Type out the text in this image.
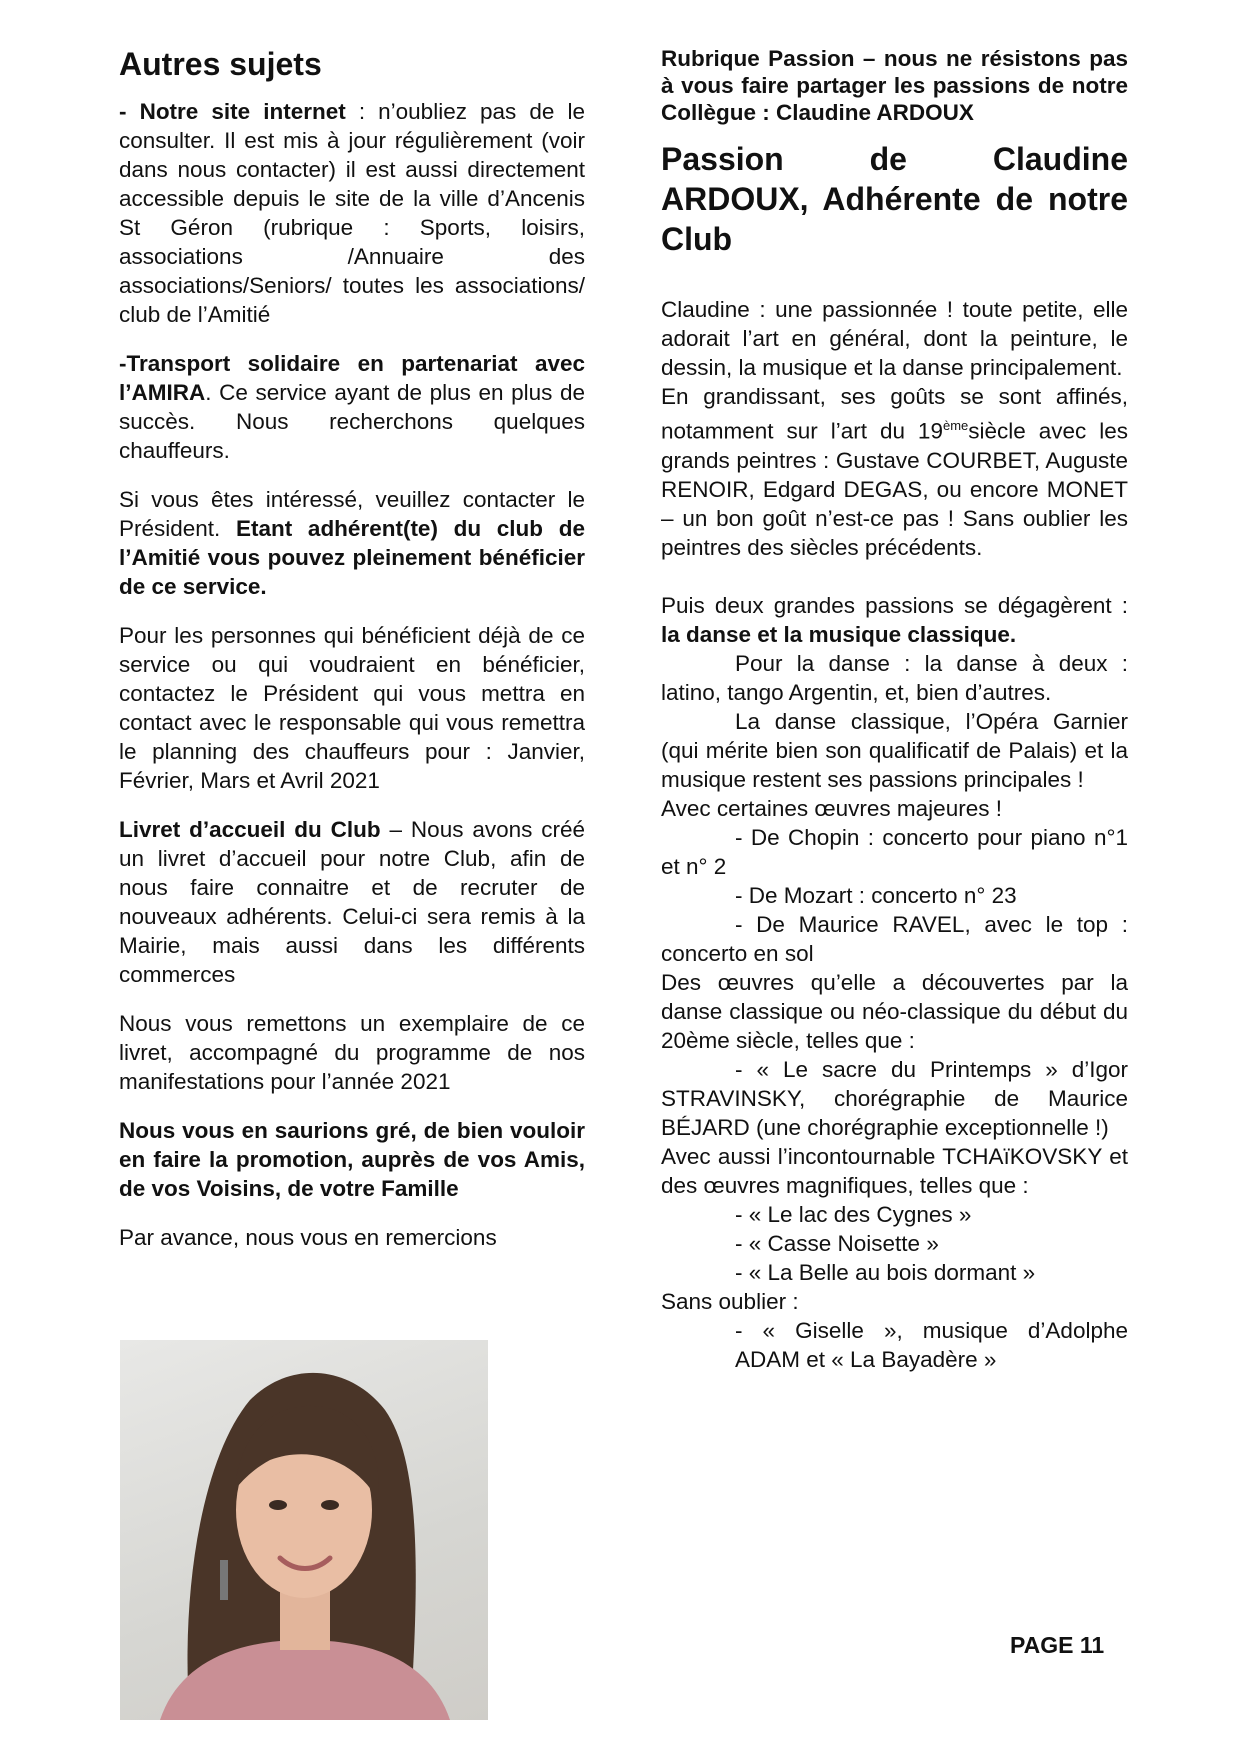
Autres sujets

- Notre site internet : n’oubliez pas de le consulter. Il est mis à jour régulièrement (voir dans nous contacter) il est aussi directement accessible depuis le site de la ville d’Ancenis St Géron (rubrique : Sports, loisirs, associations /Annuaire des associations/Seniors/ toutes les associations/ club de l’Amitié

-Transport solidaire en partenariat avec l’AMIRA. Ce service ayant de plus en plus de succès. Nous recherchons quelques chauffeurs.

Si vous êtes intéressé, veuillez contacter le Président. Etant adhérent(te) du club de l’Amitié vous pouvez pleinement bénéficier de ce service.

Pour les personnes qui bénéficient déjà de ce service ou qui voudraient en bénéficier, contactez le Président qui vous mettra en contact avec le responsable qui vous remettra le planning des chauffeurs pour : Janvier, Février, Mars et Avril 2021

Livret d’accueil du Club – Nous avons créé un livret d’accueil pour notre Club, afin de nous faire connaitre et de recruter de nouveaux adhérents. Celui-ci sera remis à la Mairie, mais aussi dans les différents commerces

Nous vous remettons un exemplaire de ce livret, accompagné du programme de nos manifestations pour l’année 2021

Nous vous en saurions gré, de bien vouloir en faire la promotion, auprès de vos Amis, de vos Voisins, de votre Famille

Par avance, nous vous en remercions

Rubrique Passion – nous ne résistons pas à vous faire partager les passions de notre Collègue : Claudine ARDOUX

Passion de Claudine ARDOUX, Adhérente de notre Club

Claudine : une passionnée ! toute petite, elle adorait l’art en général, dont la peinture, le dessin, la musique et la danse principalement.

En grandissant, ses goûts se sont affinés, notamment sur l’art du 19èmesiècle avec les grands peintres : Gustave COURBET, Auguste RENOIR, Edgard DEGAS, ou encore MONET – un bon goût n’est-ce pas ! Sans oublier les peintres des siècles précédents.

Puis deux grandes passions se dégagèrent : la danse et la musique classique.

Pour la danse : la danse à deux : latino, tango Argentin, et, bien d’autres.

La danse classique, l’Opéra Garnier (qui mérite bien son qualificatif de Palais) et la musique restent ses passions principales !

Avec certaines œuvres majeures !

- De Chopin : concerto pour piano n°1 et n° 2

- De Mozart : concerto n° 23

- De Maurice RAVEL, avec le top : concerto en sol

Des œuvres qu’elle a découvertes par la danse classique ou néo-classique du début du 20ème siècle, telles que :

- « Le sacre du Printemps » d’Igor STRAVINSKY, chorégraphie de Maurice BÉJARD (une chorégraphie exceptionnelle !)

Avec aussi l’incontournable TCHAïKOVSKY et des œuvres magnifiques, telles que :

- « Le lac des Cygnes »

- « Casse Noisette »

- « La Belle au bois dormant »

Sans oublier :

- « Giselle », musique d’Adolphe ADAM et « La Bayadère »

PAGE 11
